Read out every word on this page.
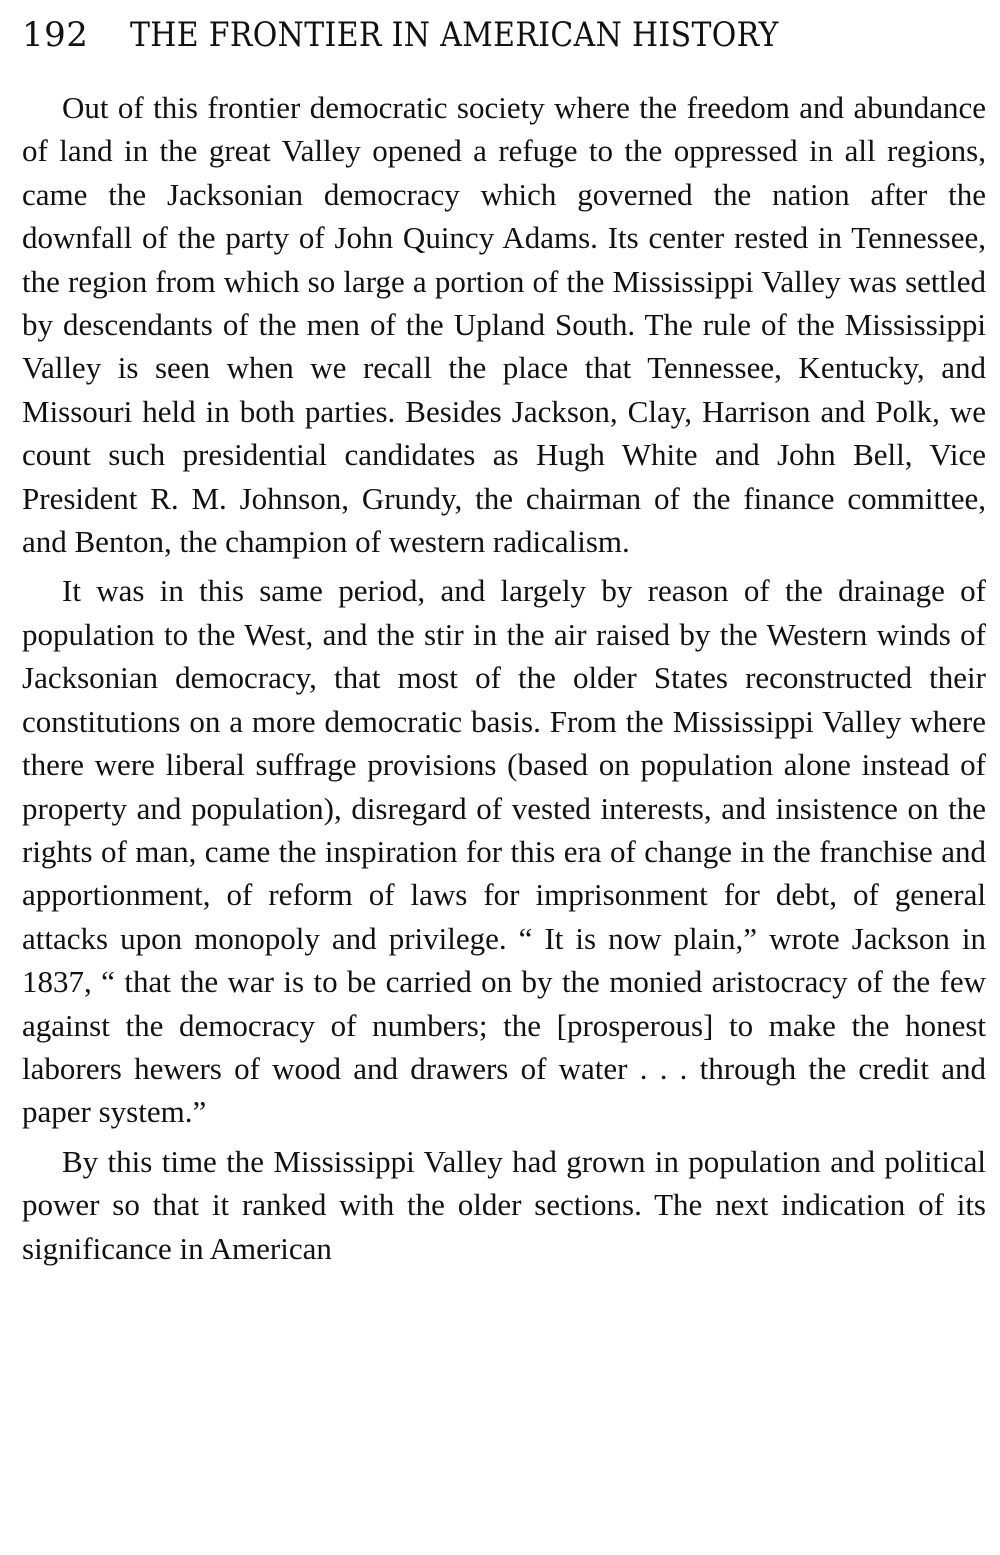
192	THE FRONTIER IN AMERICAN HISTORY

Out of this frontier democratic society where the freedom and abundance of land in the great Valley opened a refuge to the oppressed in all regions, came the Jacksonian democracy which governed the nation after the downfall of the party of John Quincy Adams. Its center rested in Tennessee, the region from which so large a portion of the Mississippi Valley was settled by descendants of the men of the Upland South. The rule of the Mississippi Valley is seen when we recall the place that Tennessee, Kentucky, and Missouri held in both parties. Besides Jackson, Clay, Harrison and Polk, we count such presidential candidates as Hugh White and John Bell, Vice President R. M. Johnson, Grundy, the chairman of the finance committee, and Benton, the champion of western radicalism.

It was in this same period, and largely by reason of the drainage of population to the West, and the stir in the air raised by the Western winds of Jacksonian democracy, that most of the older States reconstructed their constitutions on a more democratic basis. From the Mississippi Valley where there were liberal suffrage provisions (based on population alone instead of property and population), disregard of vested interests, and insistence on the rights of man, came the inspiration for this era of change in the franchise and apportionment, of reform of laws for imprisonment for debt, of general attacks upon monopoly and privilege. “ It is now plain,” wrote Jackson in 1837, “ that the war is to be carried on by the monied aristocracy of the few against the democracy of numbers; the [prosperous] to make the honest laborers hewers of wood and drawers of water . . . through the credit and paper system.”

By this time the Mississippi Valley had grown in population and political power so that it ranked with the older sections. The next indication of its significance in American
